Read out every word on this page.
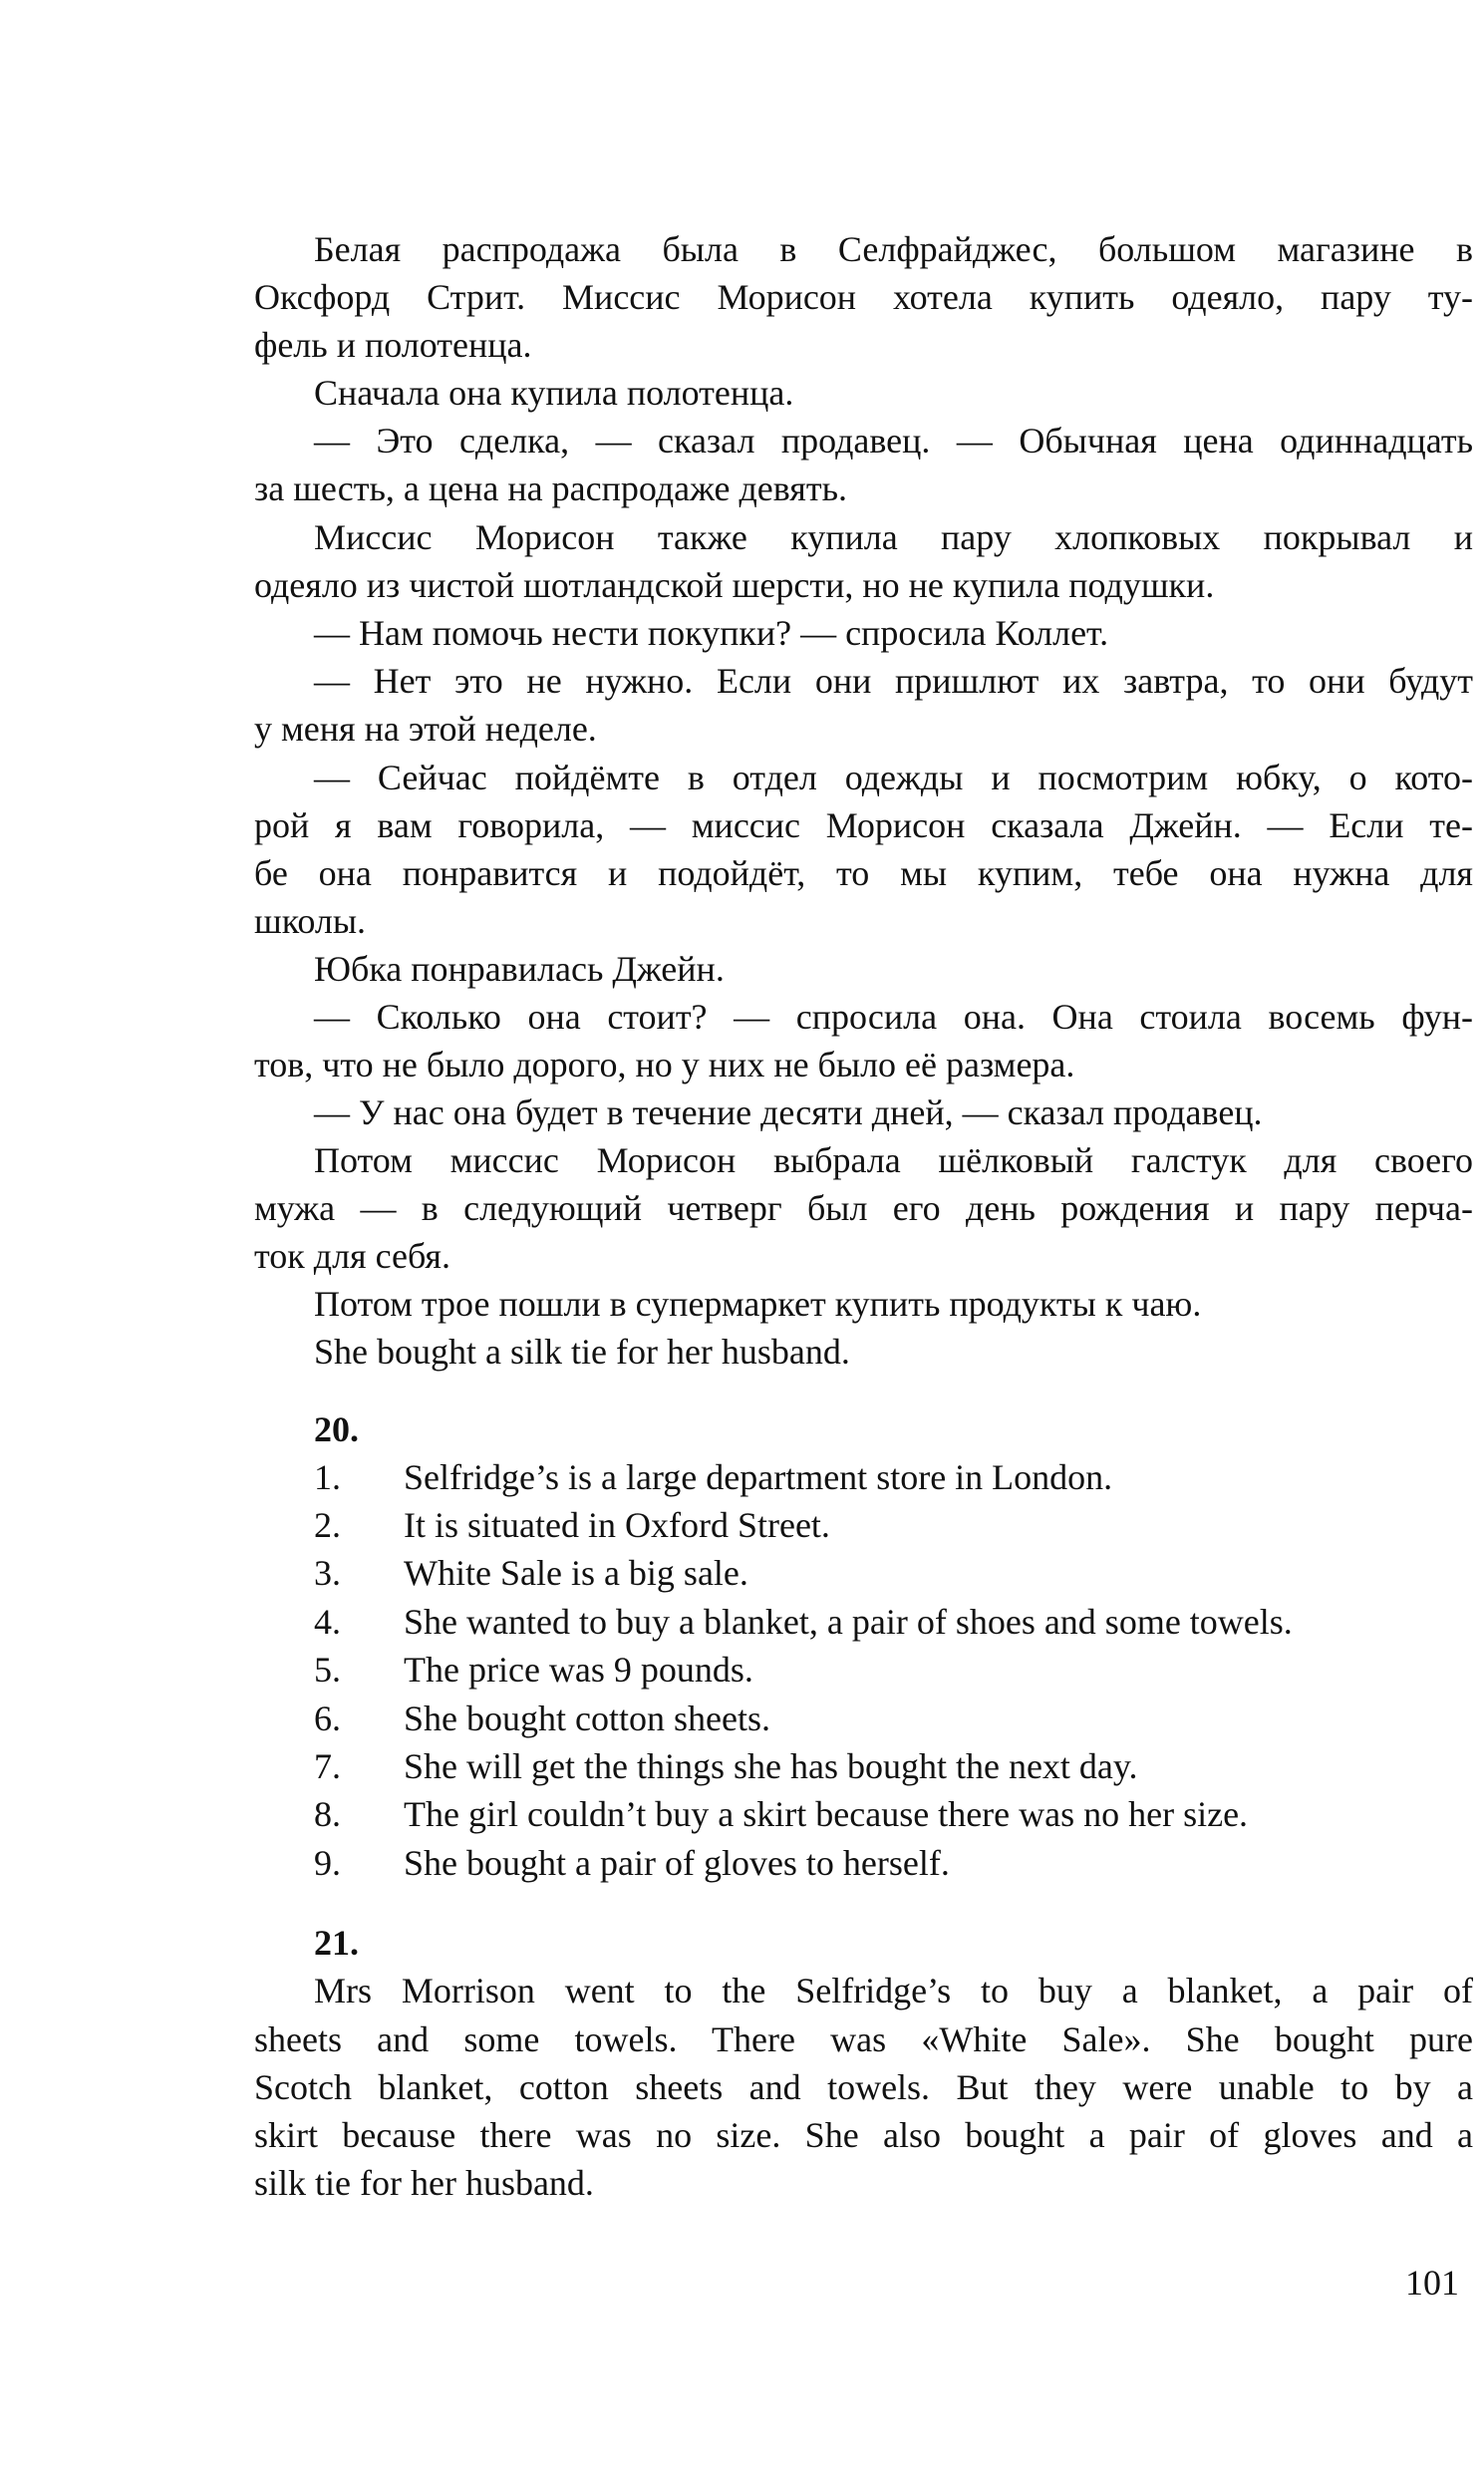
Белая распродажа была в Селфрайджес, большом магазине в
Оксфорд Стрит. Миссис Морисон хотела купить одеяло, пару ту-
фель и полотенца.
Сначала она купила полотенца.
— Это сделка, — сказал продавец. — Обычная цена одиннадцать
за шесть, а цена на распродаже девять.
Миссис Морисон также купила пару хлопковых покрывал и
одеяло из чистой шотландской шерсти, но не купила подушки.
— Нам помочь нести покупки? — спросила Коллет.
— Нет это не нужно. Если они пришлют их завтра, то они будут
у меня на этой неделе.
— Сейчас пойдёмте в отдел одежды и посмотрим юбку, о кото-
рой я вам говорила, — миссис Морисон сказала Джейн. — Если те-
бе она понравится и подойдёт, то мы купим, тебе она нужна для
школы.
Юбка понравилась Джейн.
— Сколько она стоит? — спросила она. Она стоила восемь фун-
тов, что не было дорого, но у них не было её размера.
— У нас она будет в течение десяти дней, — сказал продавец.
Потом миссис Морисон выбрала шёлковый галстук для своего
мужа — в следующий четверг был его день рождения и пару перча-
ток для себя.
Потом трое пошли в супермаркет купить продукты к чаю.
She bought a silk tie for her husband.
20.
1. Selfridge’s is a large department store in London.
2. It is situated in Oxford Street.
3. White Sale is a big sale.
4. She wanted to buy a blanket, a pair of shoes and some towels.
5. The price was 9 pounds.
6. She bought cotton sheets.
7. She will get the things she has bought the next day.
8. The girl couldn’t buy a skirt because there was no her size.
9. She bought a pair of gloves to herself.
21.
Mrs Morrison went to the Selfridge’s to buy a blanket, a pair of
sheets and some towels. There was «White Sale». She bought pure
Scotch blanket, cotton sheets and towels. But they were unable to by a
skirt because there was no size. She also bought a pair of gloves and a
silk tie for her husband.
101
